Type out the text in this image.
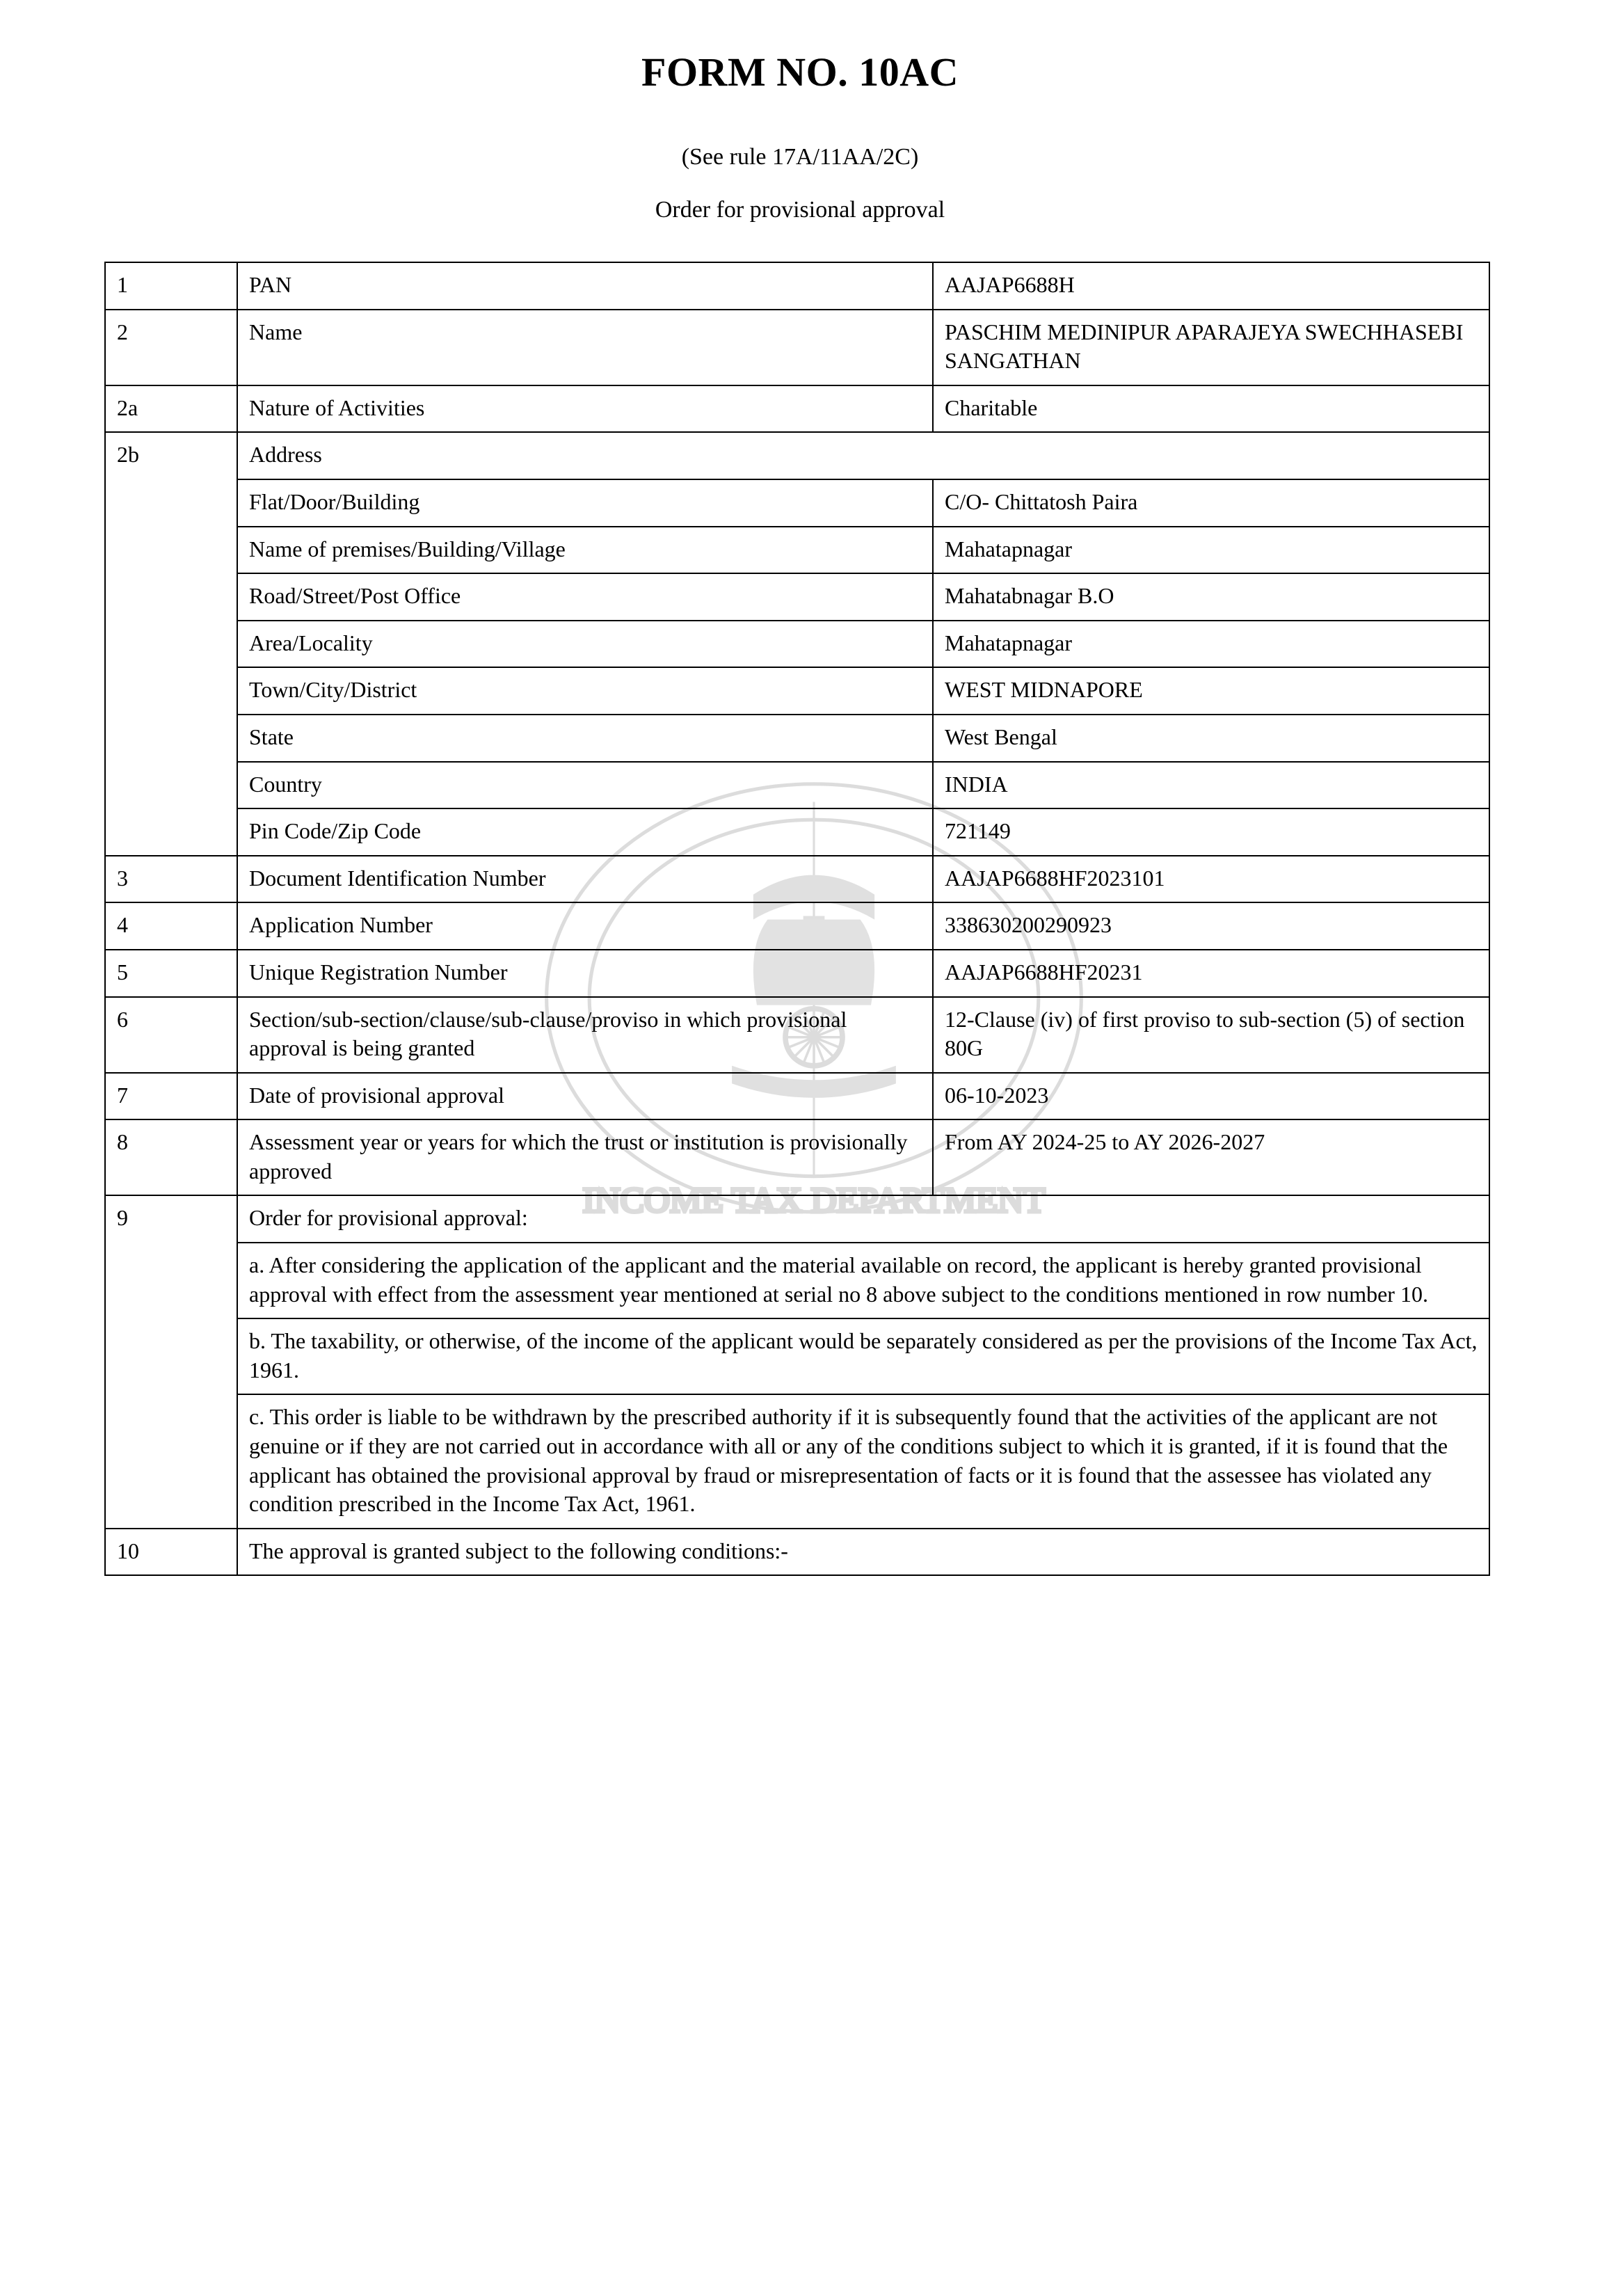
INCOME TAX DEPARTMENT
FORM NO. 10AC
(See rule 17A/11AA/2C)
Order for provisional approval
1	PAN	AAJAP6688H
2	Name	PASCHIM MEDINIPUR APARAJEYA SWECHHASEBI SANGATHAN
2a	Nature of Activities	Charitable
2b	Address	
	Flat/Door/Building	C/O- Chittatosh Paira
	Name of premises/Building/Village	Mahatapnagar
	Road/Street/Post Office	Mahatabnagar B.O
	Area/Locality	Mahatapnagar
	Town/City/District	WEST MIDNAPORE
	State	West Bengal
	Country	INDIA
	Pin Code/Zip Code	721149
3	Document Identification Number	AAJAP6688HF2023101
4	Application Number	338630200290923
5	Unique Registration Number	AAJAP6688HF20231
6	Section/sub-section/clause/sub-clause/proviso in which provisional approval is being granted	12-Clause (iv) of first proviso to sub-section (5) of section 80G
7	Date of provisional approval	06-10-2023
8	Assessment year or years for which the trust or institution is provisionally approved	From AY 2024-25 to AY 2026-2027
9	Order for provisional approval:	
	a. After considering the application of the applicant and the material available on record, the applicant is hereby granted provisional approval with effect from the assessment year mentioned at serial no 8 above subject to the conditions mentioned in row number 10.	
	b. The taxability, or otherwise, of the income of the applicant would be separately considered as per the provisions of the Income Tax Act, 1961.	
	c. This order is liable to be withdrawn by the prescribed authority if it is subsequently found that the activities of the applicant are not genuine or if they are not carried out in accordance with all or any of the conditions subject to which it is granted, if it is found that the applicant has obtained the provisional approval by fraud or misrepresentation of facts or it is found that the assessee has violated any condition prescribed in the Income Tax Act, 1961.	
10	The approval is granted subject to the following conditions:-	
